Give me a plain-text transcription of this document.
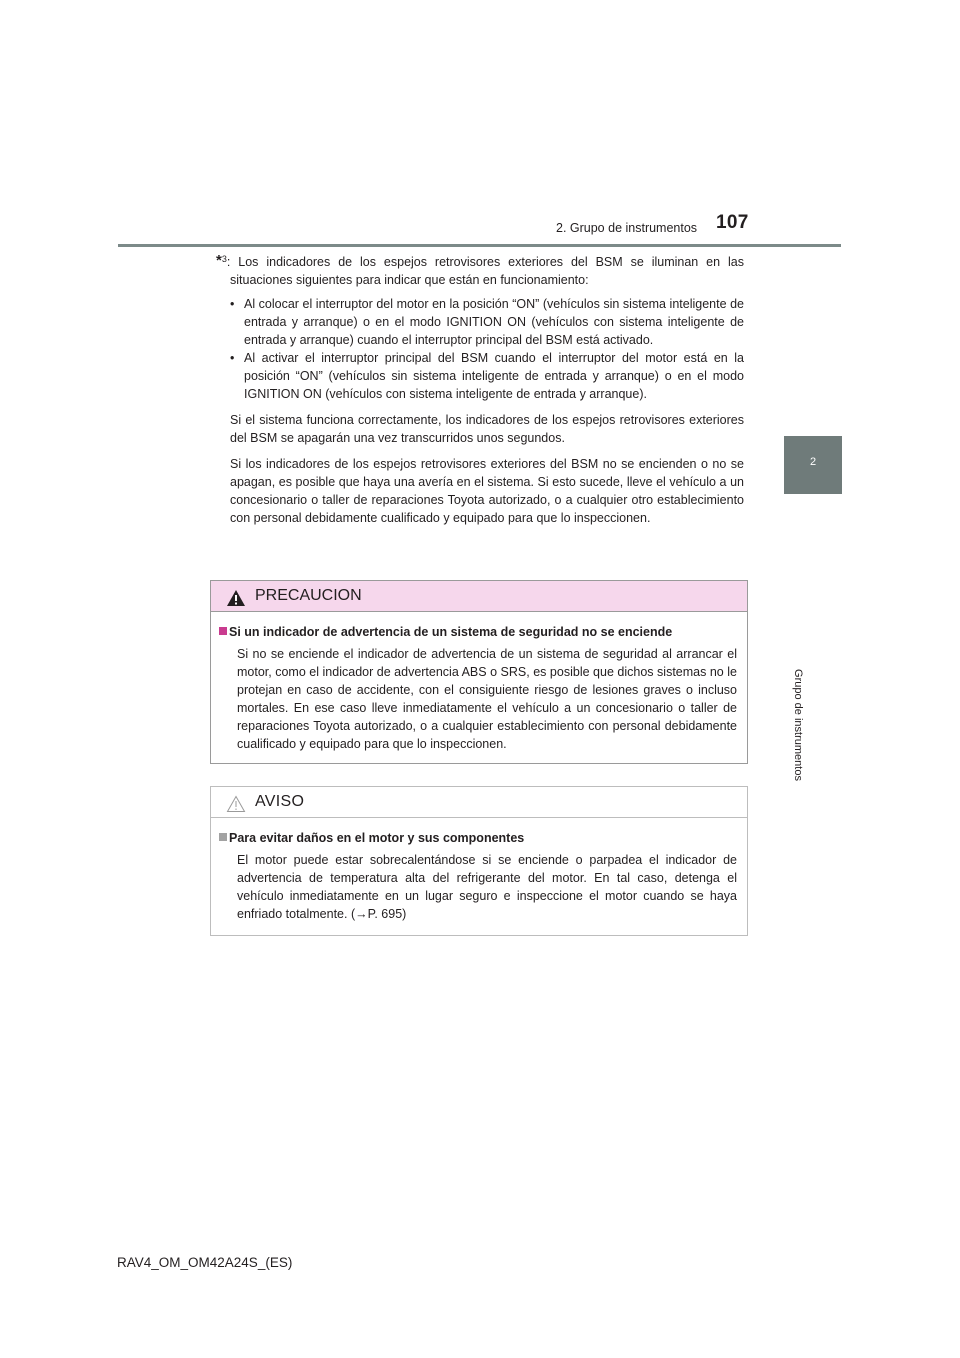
107
2. Grupo de instrumentos
2
Grupo de instrumentos

*$^3$: Los indicadores de los espejos retrovisores exteriores del BSM se iluminan en las situaciones siguientes para indicar que están en funcionamiento:

• Al colocar el interruptor del motor en la posición “ON” (vehículos sin sistema inteligente de entrada y arranque) o en el modo IGNITION ON (vehículos con sistema inteligente de entrada y arranque) cuando el interruptor principal del BSM está activado.
• Al activar el interruptor principal del BSM cuando el interruptor del motor está en la posición “ON” (vehículos sin sistema inteligente de entrada y arranque) o en el modo IGNITION ON (vehículos con sistema inteligente de entrada y arranque).

Si el sistema funciona correctamente, los indicadores de los espejos retrovisores exteriores del BSM se apagarán una vez transcurridos unos segundos.

Si los indicadores de los espejos retrovisores exteriores del BSM no se encienden o no se apagan, es posible que haya una avería en el sistema. Si esto sucede, lleve el vehículo a un concesionario o taller de reparaciones Toyota autorizado, o a cualquier otro establecimiento con personal debidamente cualificado y equipado para que lo inspeccionen.

PRECAUCION
Si un indicador de advertencia de un sistema de seguridad no se enciende

Si no se enciende el indicador de advertencia de un sistema de seguridad al arrancar el motor, como el indicador de advertencia ABS o SRS, es posible que dichos sistemas no le protejan en caso de accidente, con el consiguiente riesgo de lesiones graves o incluso mortales. En ese caso lleve inmediatamente el vehículo a un concesionario o taller de reparaciones Toyota autorizado, o a cualquier establecimiento con personal debidamente cualificado y equipado para que lo inspeccionen.

AVISO
Para evitar daños en el motor y sus componentes

El motor puede estar sobrecalentándose si se enciende o parpadea el indicador de advertencia de temperatura alta del refrigerante del motor. En tal caso, detenga el vehículo inmediatamente en un lugar seguro e inspeccione el motor cuando se haya enfriado totalmente. (→P. 695)

RAV4_OM_OM42A24S_(ES)
